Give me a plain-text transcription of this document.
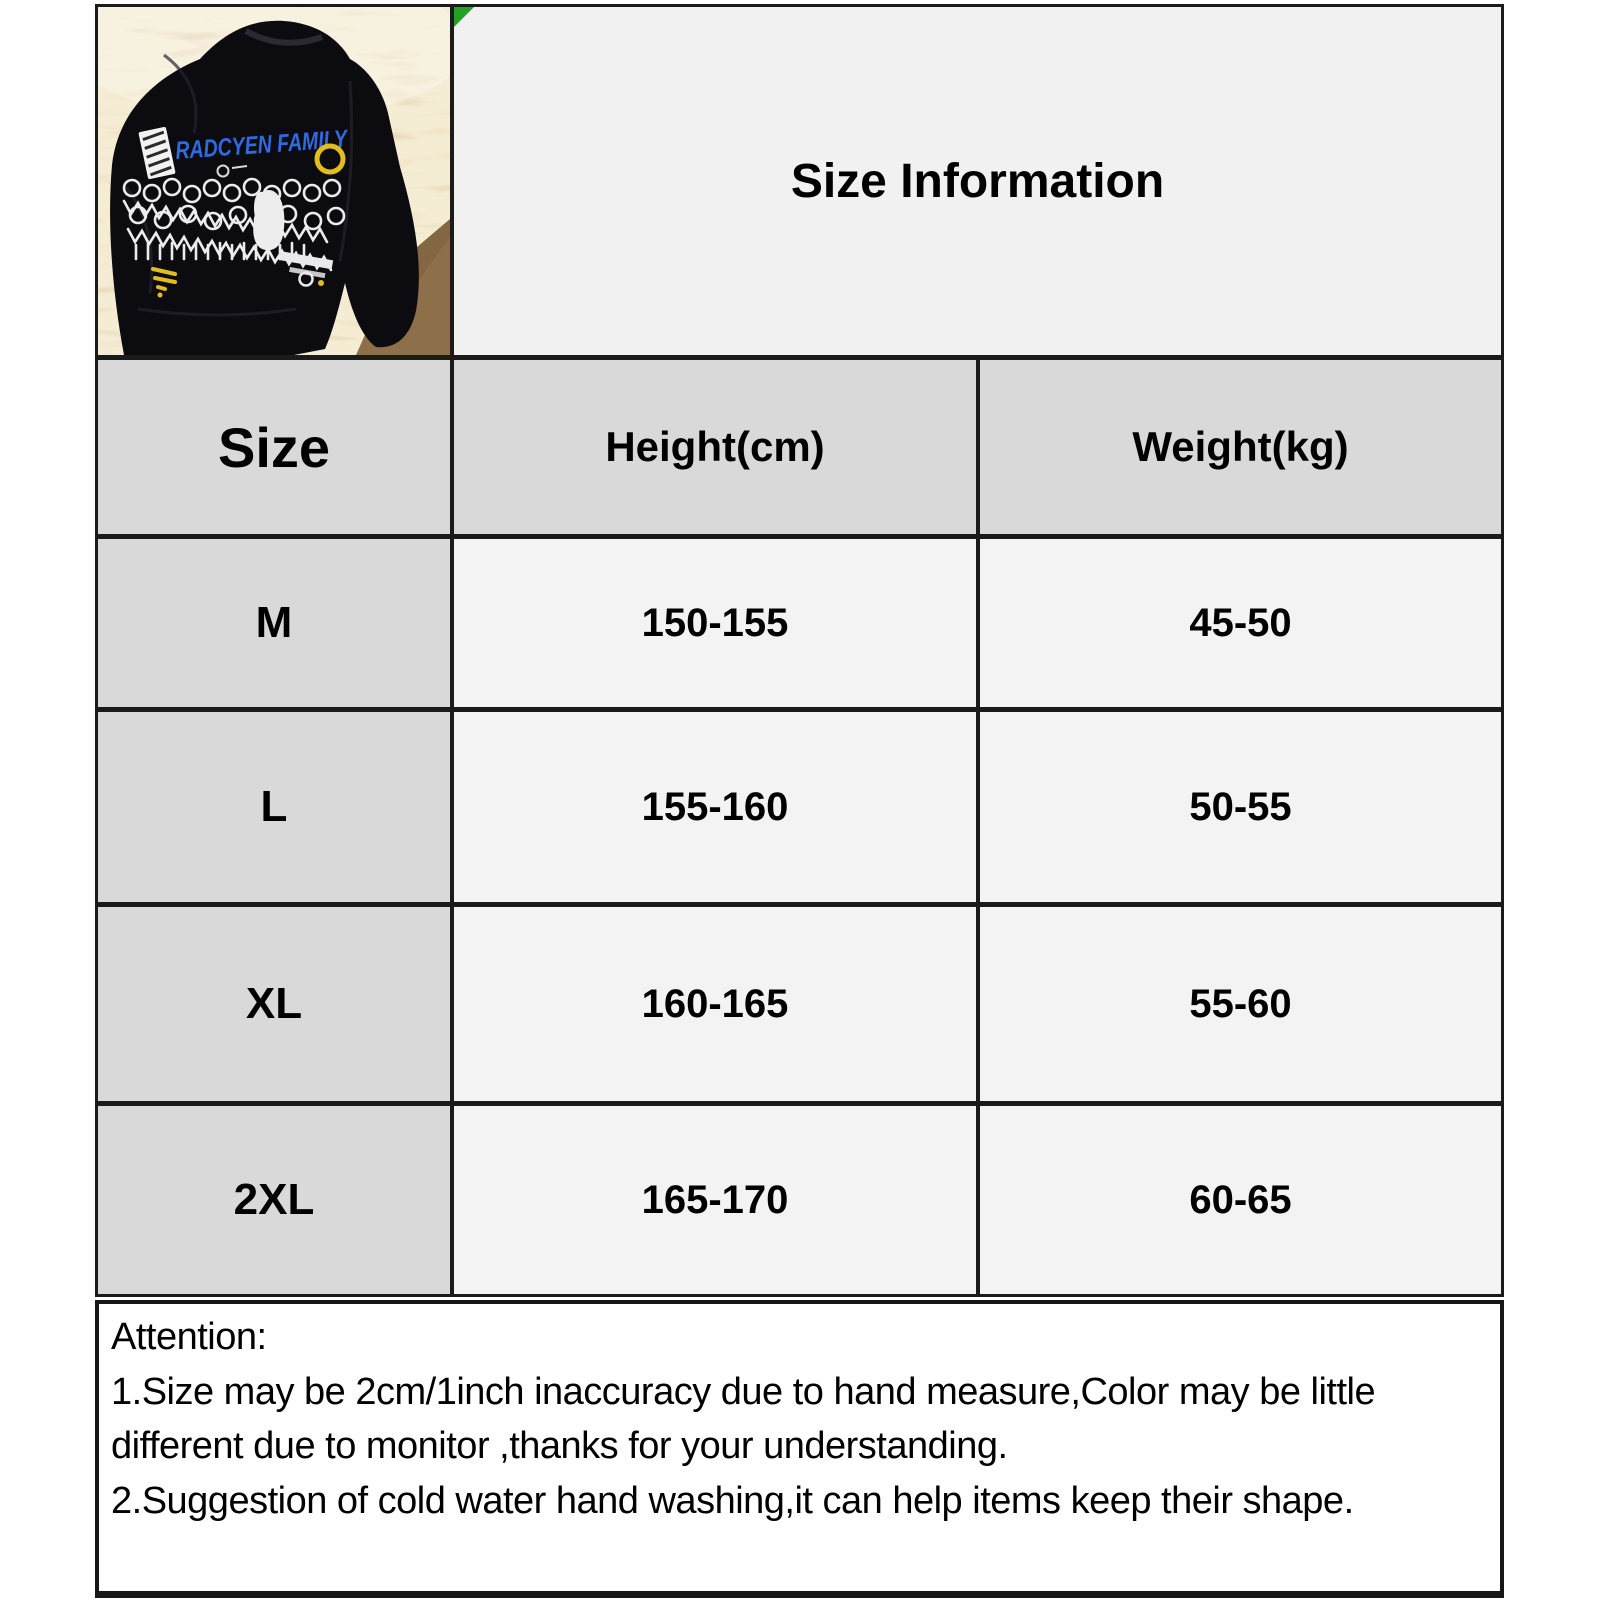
RADCYEN FAMILY
Size Information
Size	Height(cm)	Weight(kg)
M	150-155	45-50
L	155-160	50-55
XL	160-165	55-60
2XL	165-170	60-65
Attention:
1.Size may be 2cm/1inch inaccuracy due to hand measure,Color may be little different due to monitor ,thanks for your understanding.
2.Suggestion of cold water hand washing,it can help items keep their shape.
